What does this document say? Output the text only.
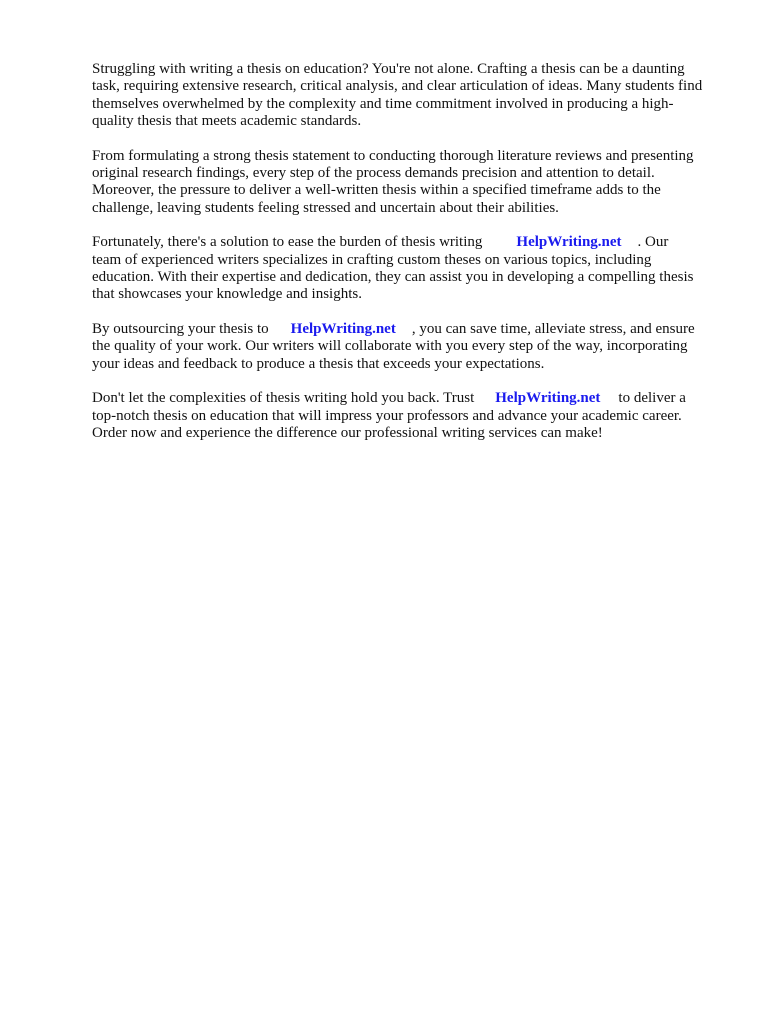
Struggling with writing a thesis on education? You're not alone. Crafting a thesis can be a daunting
task, requiring extensive research, critical analysis, and clear articulation of ideas. Many students find
themselves overwhelmed by the complexity and time commitment involved in producing a high-
quality thesis that meets academic standards.

From formulating a strong thesis statement to conducting thorough literature reviews and presenting
original research findings, every step of the process demands precision and attention to detail.
Moreover, the pressure to deliver a well-written thesis within a specified timeframe adds to the
challenge, leaving students feeling stressed and uncertain about their abilities.

Fortunately, there's a solution to ease the burden of thesis writing HelpWriting.net . Our
team of experienced writers specializes in crafting custom theses on various topics, including
education. With their expertise and dedication, they can assist you in developing a compelling thesis
that showcases your knowledge and insights.

By outsourcing your thesis to HelpWriting.net , you can save time, alleviate stress, and ensure
the quality of your work. Our writers will collaborate with you every step of the way, incorporating
your ideas and feedback to produce a thesis that exceeds your expectations.

Don't let the complexities of thesis writing hold you back. Trust HelpWriting.net to deliver a
top-notch thesis on education that will impress your professors and advance your academic career.
Order now and experience the difference our professional writing services can make!
